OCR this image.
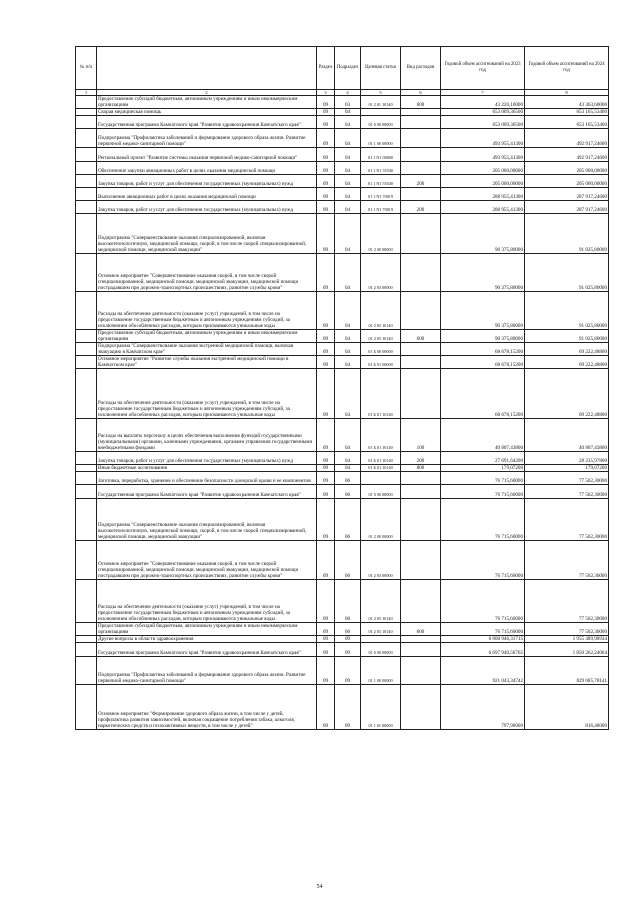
№ п/п		Раздел	Подраздел	Целевая статья	Вид расходов	Годовой объем ассигнований на 2023 год	Годовой объем ассигнований на 2024 год
1	2	3	4	5	6	7	8
	Предоставление субсидий бюджетным, автономным учреждениям и иным некоммерческим организациям	09	03	01 2 01 10140	600	43 220,10000	43 363,60000
	Скорая медицинская помощь	09	04			653 009,36500	653 165,53400
	Государственная программа Камчатского края "Развитие здравоохранения Камчатского края"	09	04	01 0 00 00000		653 009,36500	653 165,53400
	Подпрограмма "Профилактика заболеваний и формирование здорового образа жизни. Развитие первичной медико-санитарной помощи"	09	04	01 1 00 00000		493 955,41300	492 917,24600
	Региональный проект "Развитие системы оказания первичной медико-санитарной помощи"	09	04	01 1 N1 00000		493 955,41300	492 917,24600
	Обеспечение закупки авиационных работ в целях оказания медицинской помощи	09	04	01 1 N1 55540		205 000,00000	205 000,00000
	Закупка товаров, работ и услуг для обеспечения государственных (муниципальных) нужд	09	04	01 1 N1 55540	200	205 000,00000	205 000,00000
	Выполнение авиационных работ в целях оказания медицинской помощи	09	04	01 1 N1 70019		288 955,41300	287 917,24600
	Закупка товаров, работ и услуг для обеспечения государственных (муниципальных) нужд	09	04	01 1 N1 70019	200	288 955,41300	287 917,24600
	Подпрограмма "Совершенствование оказания специализированной, включая высокотехнологичную, медицинской помощи, скорой, в том числе скорой специализированной, медицинской помощи, медицинской эвакуации"	09	04	01 2 00 00000		90 375,80000	91 025,80000
	Основное мероприятие "Совершенствование оказания скорой, в том числе скорой специализированной, медицинской помощи, медицинской эвакуации, медицинской помощи пострадавшим при дорожно-транспортных происшествиях, развитие службы крови"	09	04	01 2 03 00000		90 375,80000	91 025,80000
	Расходы на обеспечение деятельности (оказание услуг) учреждений, в том числе на предоставление государственным бюджетным и автономным учреждениям субсидий, за исключением обособленных расходов, которым присваиваются уникальные коды	09	04	01 2 03 10140		90 375,80000	91 025,80000
	Предоставление субсидий бюджетным, автономным учреждениям и иным некоммерческим организациям	09	04	01 2 03 10140	600	90 375,80000	91 025,80000
	Подпрограмма "Совершенствование оказания экстренной медицинской помощи, включая эвакуацию в Камчатском крае"	09	04	01 Б 00 00000		68 678,15200	69 222,48800
	Основное мероприятие "Развитие службы оказания экстренной медицинской помощи в Камчатском крае"	09	04	01 Б 01 00000		68 678,15200	69 222,48800
	Расходы на обеспечение деятельности (оказание услуг) учреждений, в том числе на предоставление государственным бюджетным и автономным учреждениям субсидий, за исключением обособленных расходов, которым присваиваются уникальные коды	09	04	01 Б 01 10140		68 678,15200	69 222,48800
	Расходы на выплаты персоналу в целях обеспечения выполнения функций государственными (муниципальными) органами, казенными учреждениями, органами управления государственными внебюджетными фондами	09	04	01 Б 01 10140	100	40 807,43800	40 807,43800
	Закупка товаров, работ и услуг для обеспечения государственных (муниципальных) нужд	09	04	01 Б 01 10140	200	27 691,64200	28 235,97800
	Иные бюджетные ассигнования	09	04	01 Б 01 10140	800	179,07200	179,07200
	Заготовка, переработка, хранение и обеспечение безопасности донорской крови и ее компонентов	09	06			76 715,60000	77 502,30000
	Государственная программа Камчатского края "Развитие здравоохранения Камчатского края"	09	06	01 0 00 00000		76 715,60000	77 502,30000
	Подпрограмма "Совершенствование оказания специализированной, включая высокотехнологичную, медицинской помощи, скорой, в том числе скорой специализированной, медицинской помощи, медицинской эвакуации"	09	06	01 2 00 00000		76 715,60000	77 502,30000
	Основное мероприятие "Совершенствование оказания скорой, в том числе скорой специализированной, медицинской помощи, медицинской эвакуации, медицинской помощи пострадавшим при дорожно-транспортных происшествиях, развитие службы крови"	09	06	01 2 03 00000		76 715,60000	77 502,30000
	Расходы на обеспечение деятельности (оказание услуг) учреждений, в том числе на предоставление государственным бюджетным и автономным учреждениям субсидий, за исключением обособленных расходов, которым присваиваются уникальные коды	09	06	01 2 03 10140		76 715,60000	77 502,30000
	Предоставление субсидий бюджетным, автономным учреждениям и иным некоммерческим организациям	09	06	01 2 03 10140	600	76 715,60000	77 502,30000
	Другие вопросы в области здравоохранения	09	09			6 800 946,31715	1 955 489,90934
	Государственная программа Камчатского края "Развитие здравоохранения Камчатского края"	09	09	01 0 00 00000		6 697 940,56765	1 850 262,24064
	Подпрограмма "Профилактика заболеваний и формирование здорового образа жизни. Развитие первичной медико-санитарной помощи"	09	09	01 1 00 00000		921 043,34742	829 685,78141
	Основное мероприятие "Формирование здорового образа жизни, в том числе у детей, профилактика развития зависимостей, включая сокращение потребления табака, алкоголя, наркотических средств и психоактивных веществ, в том числе у детей"	09	09	01 1 01 00000		797,90000	816,40000
54
